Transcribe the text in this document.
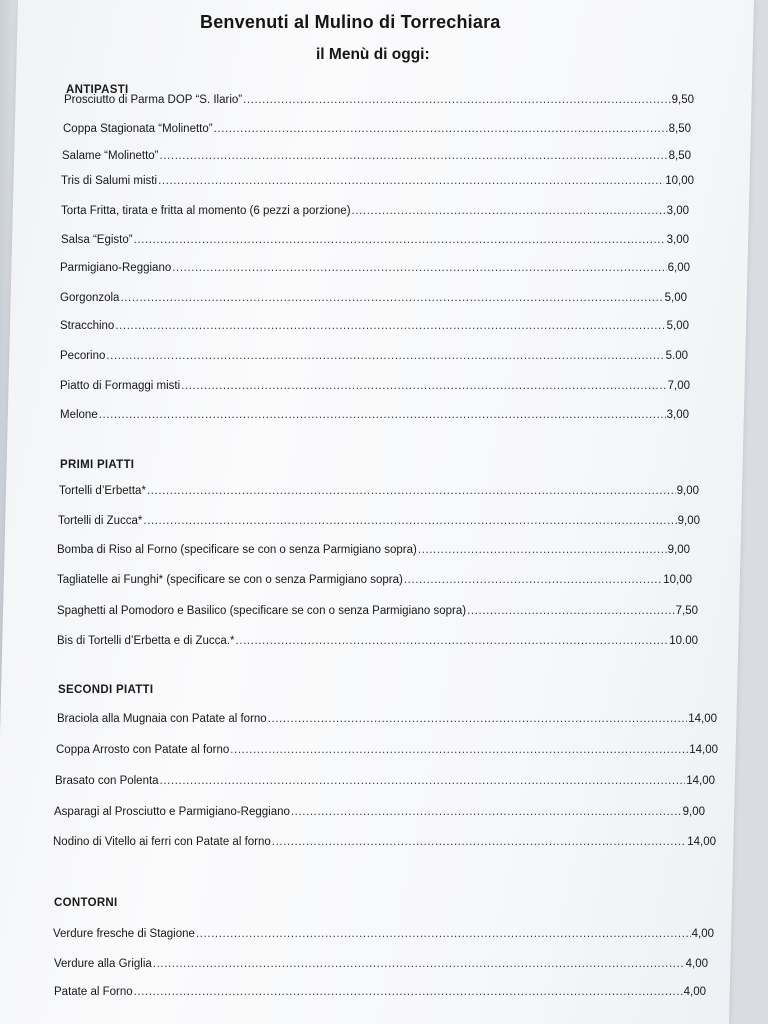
Benvenuti al Mulino di Torrechiara
il Menù di oggi:
ANTIPASTI
Prosciutto di Parma DOP “S. Ilario” .....	9,50
Coppa Stagionata “Molinetto” .....	8,50
Salame “Molinetto” .....	8,50
Tris di Salumi misti .....	10,00
Torta Fritta, tirata e fritta al momento (6 pezzi a porzione) .....	3,00
Salsa “Egisto” .....	3,00
Parmigiano-Reggiano .....	6,00
Gorgonzola .....	5,00
Stracchino .....	5,00
Pecorino .....	5.00
Piatto di Formaggi misti .....	7,00
Melone .....	3,00
PRIMI PIATTI
Tortelli d’Erbetta* .....	9,00
Tortelli di Zucca* .....	9,00
Bomba di Riso al Forno (specificare se con o senza Parmigiano sopra) .....	9,00
Tagliatelle ai Funghi* (specificare se con o senza Parmigiano sopra) .....	10,00
Spaghetti al Pomodoro e Basilico (specificare se con o senza Parmigiano sopra) .....	7,50
Bis di Tortelli d’Erbetta e di Zucca.* .....	10.00
SECONDI PIATTI
Braciola alla Mugnaia con Patate al forno .....	14,00
Coppa Arrosto con Patate al forno .....	14,00
Brasato con Polenta .....	14,00
Asparagi al Prosciutto e Parmigiano-Reggiano .....	9,00
Nodino di Vitello ai ferri con Patate al forno .....	14,00
CONTORNI
Verdure fresche di Stagione .....	4,00
Verdure alla Griglia .....	4,00
Patate al Forno .....	4,00
